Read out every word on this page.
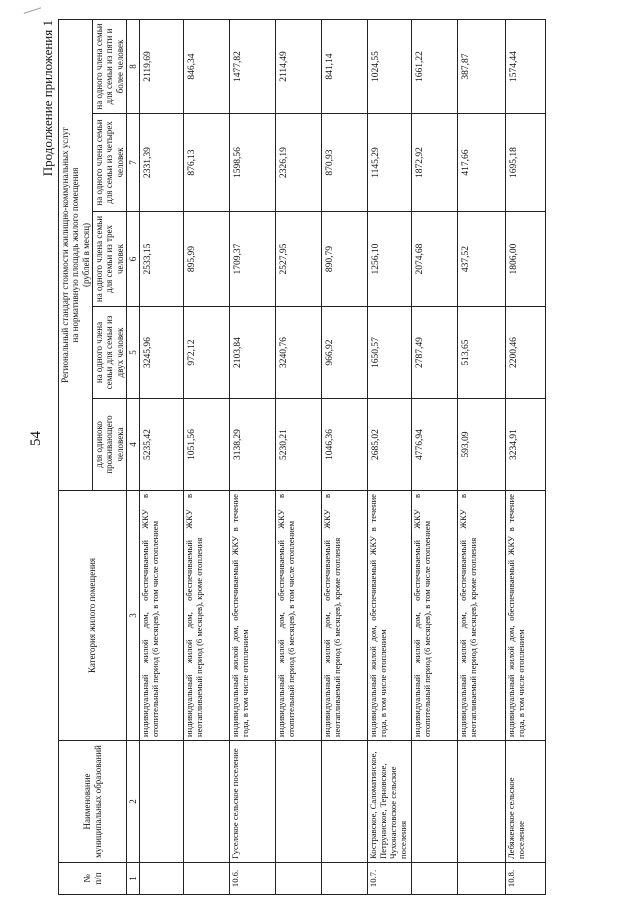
54
Продолжение приложения 1
№
п/п	Наименование
муниципальных образований	Категория жилого помещения	Региональный стандарт стоимости жилищно-коммунальных услуг
на нормативную площадь жилого помещения
(рублей в месяц)				
			для одиноко проживающего человека	на одного члена семьи для семьи из двух человек	на одного члена семьи для семьи из трех человек	на одного члена семьи для семьи из четырех человек	на одного члена семьи для семьи из пяти и более человек
1	2	3	4	5	6	7	8
		индивидуальный жилой дом, обеспечиваемый ЖКУ в отопительный период (6 месяцев), в том числе отоплением	5235,42	3245,96	2533,15	2331,39	2119,69
		индивидуальный жилой дом, обеспечиваемый ЖКУ в неотапливаемый период (6 месяцев), кроме отопления	1051,56	972,12	895,99	876,13	846,34
10.6.	Гуселское сельское поселение	индивидуальный жилой дом, обеспечиваемый ЖКУ в течение года, в том числе отоплением	3138,29	2103,84	1709,37	1598,56	1477,82
		индивидуальный жилой дом, обеспечиваемый ЖКУ в отопительный период (6 месяцев), в том числе отоплением	5230,21	3240,76	2527,95	2326,19	2114,49
		индивидуальный жилой дом, обеспечиваемый ЖКУ в неотапливаемый период (6 месяцев), кроме отопления	1046,36	966,92	890,79	870,93	841,14
10.7.	Кострaвское, Саломатинское, Петруниское, Терновское, Чухонастовское сельские поселения	индивидуальный жилой дом, обеспечиваемый ЖКУ в течение года, в том числе отоплением	2685,02	1650,57	1256,10	1145,29	1024,55
		индивидуальный жилой дом, обеспечиваемый ЖКУ в отопительный период (6 месяцев), в том числе отоплением	4776,94	2787,49	2074,68	1872,92	1661,22
		индивидуальный жилой дом, обеспечиваемый ЖКУ в неотапливаемый период (6 месяцев), кроме отопления	593,09	513,65	437,52	417,66	387,87
10.8.	Лебяженское сельское поселение	индивидуальный жилой дом, обеспечиваемый ЖКУ в течение года, в том числе отоплением	3234,91	2200,46	1806,00	1695,18	1574,44
